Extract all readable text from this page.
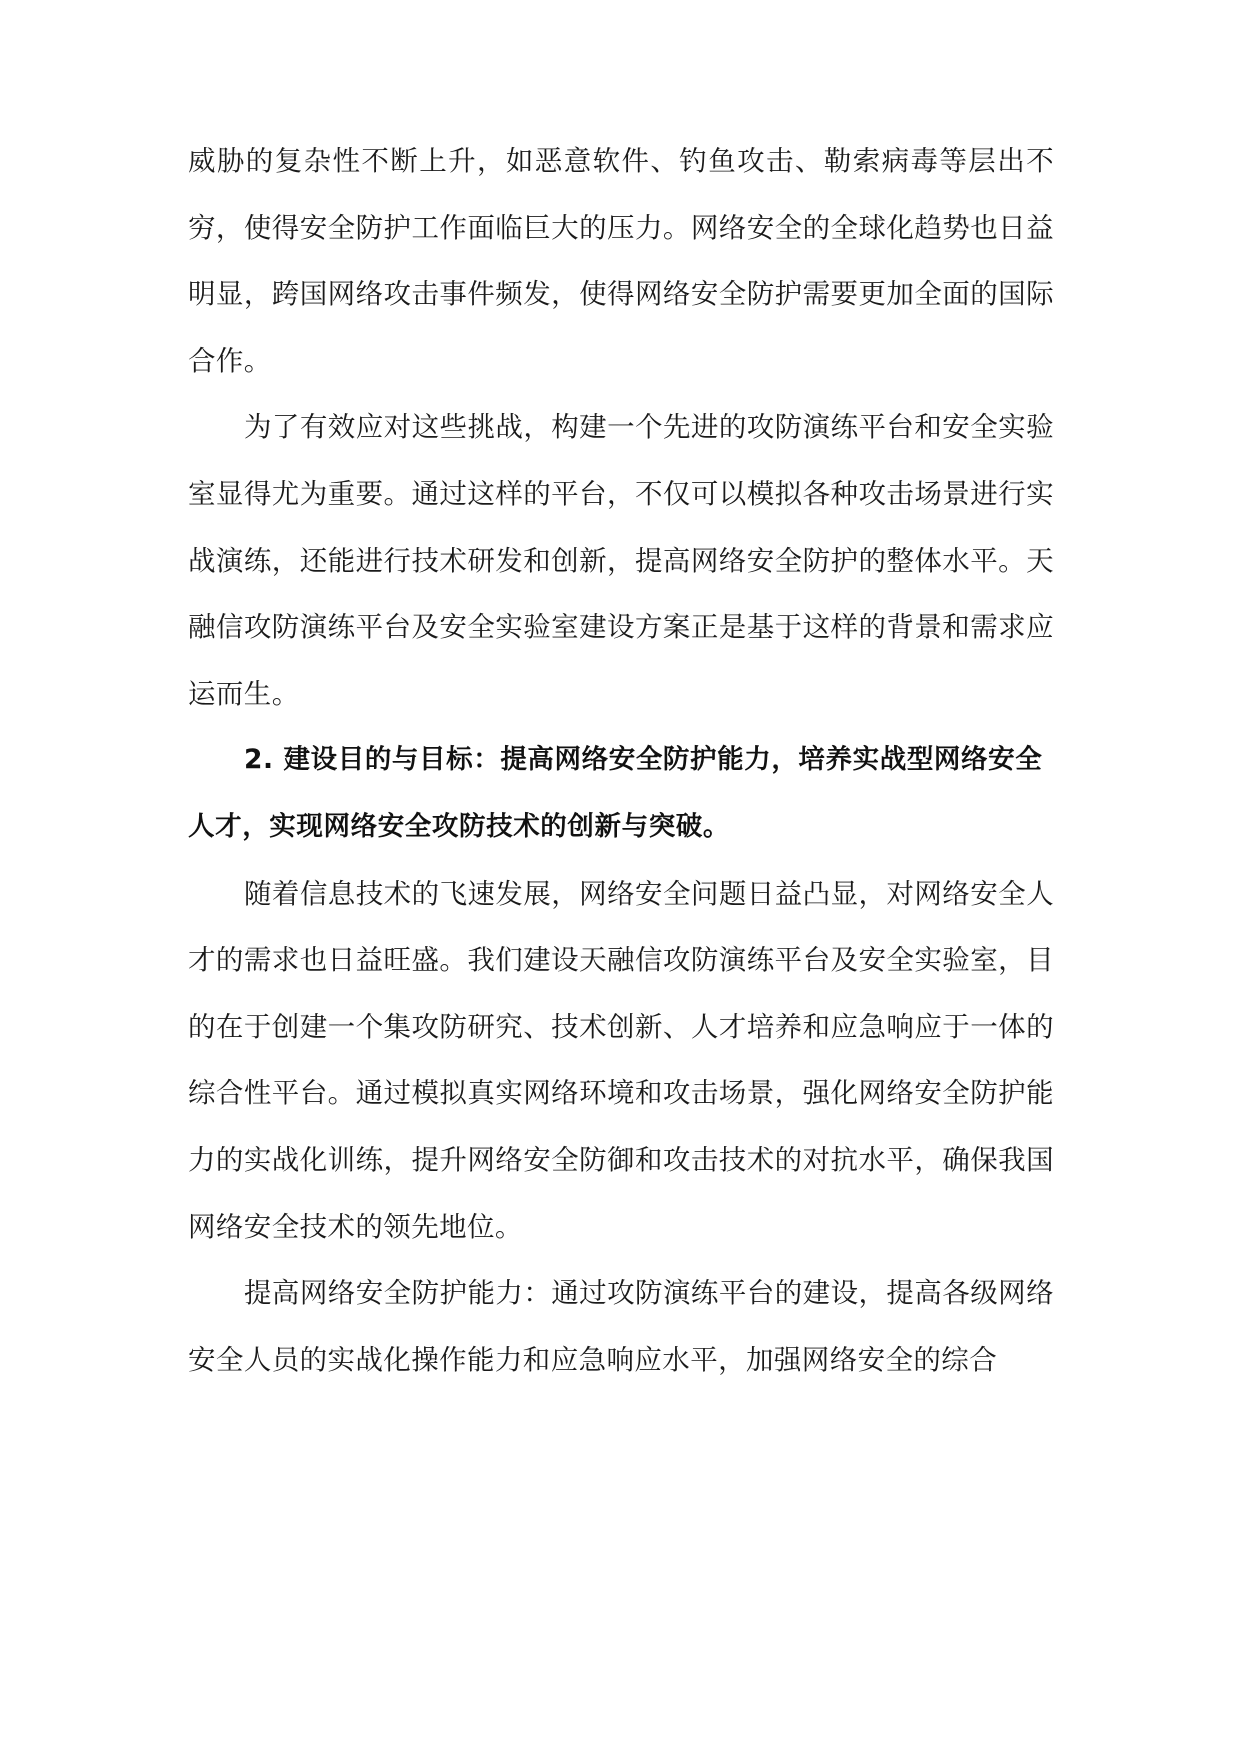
威胁的复杂性不断上升，如恶意软件、钓鱼攻击、勒索病毒等层出不穷，使得安全防护工作面临巨大的压力。网络安全的全球化趋势也日益明显，跨国网络攻击事件频发，使得网络安全防护需要更加全面的国际合作。

为了有效应对这些挑战，构建一个先进的攻防演练平台和安全实验室显得尤为重要。通过这样的平台，不仅可以模拟各种攻击场景进行实战演练，还能进行技术研发和创新，提高网络安全防护的整体水平。天融信攻防演练平台及安全实验室建设方案正是基于这样的背景和需求应运而生。

2. 建设目的与目标：提高网络安全防护能力，培养实战型网络安全人才，实现网络安全攻防技术的创新与突破。

随着信息技术的飞速发展，网络安全问题日益凸显，对网络安全人才的需求也日益旺盛。我们建设天融信攻防演练平台及安全实验室，目的在于创建一个集攻防研究、技术创新、人才培养和应急响应于一体的综合性平台。通过模拟真实网络环境和攻击场景，强化网络安全防护能力的实战化训练，提升网络安全防御和攻击技术的对抗水平，确保我国网络安全技术的领先地位。

提高网络安全防护能力：通过攻防演练平台的建设，提高各级网络安全人员的实战化操作能力和应急响应水平，加强网络安全的综合
